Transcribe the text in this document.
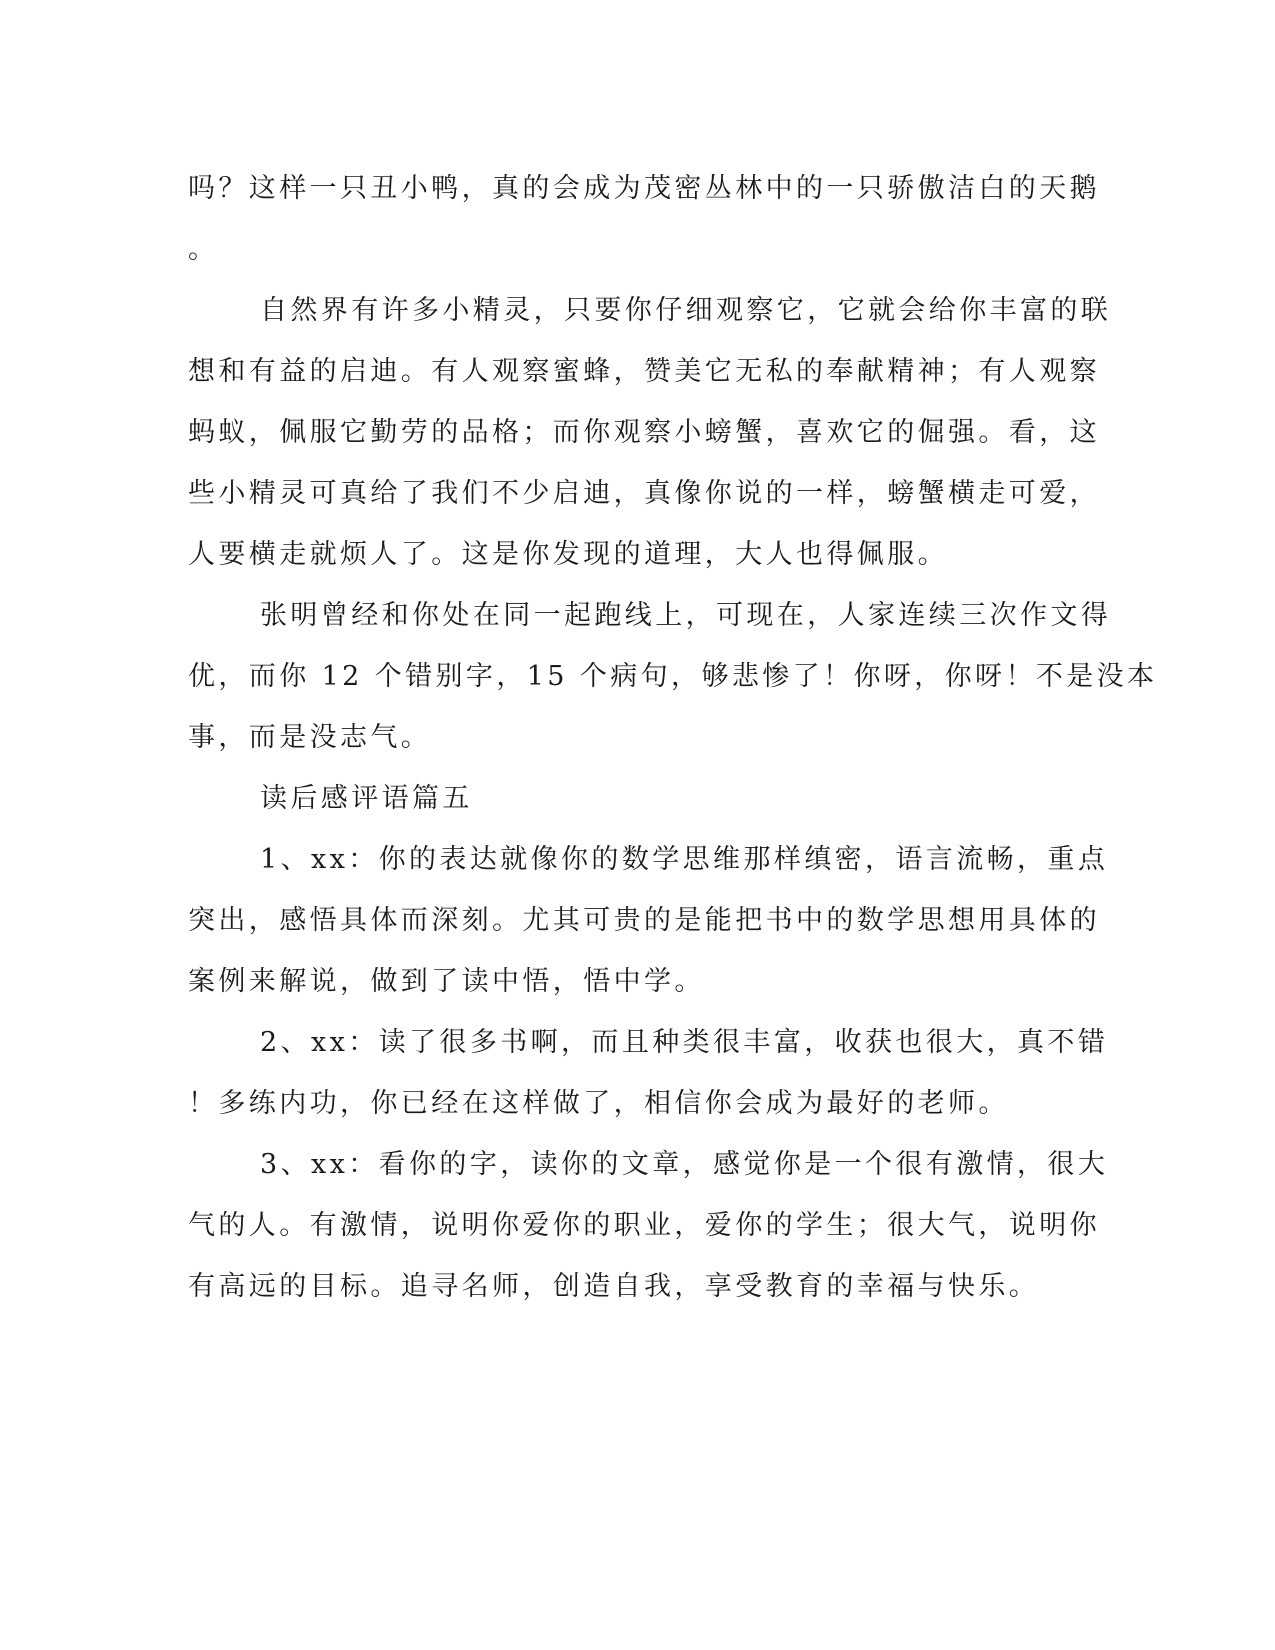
吗？这样一只丑小鸭，真的会成为茂密丛林中的一只骄傲洁白的天鹅
。
自然界有许多小精灵，只要你仔细观察它，它就会给你丰富的联
想和有益的启迪。有人观察蜜蜂，赞美它无私的奉献精神；有人观察
蚂蚁，佩服它勤劳的品格；而你观察小螃蟹，喜欢它的倔强。看，这
些小精灵可真给了我们不少启迪，真像你说的一样，螃蟹横走可爱，
人要横走就烦人了。这是你发现的道理，大人也得佩服。
张明曾经和你处在同一起跑线上，可现在，人家连续三次作文得
优，而你 12 个错别字，15 个病句，够悲惨了！你呀，你呀！不是没本
事，而是没志气。
读后感评语篇五
1、xx：你的表达就像你的数学思维那样缜密，语言流畅，重点
突出，感悟具体而深刻。尤其可贵的是能把书中的数学思想用具体的
案例来解说，做到了读中悟，悟中学。
2、xx：读了很多书啊，而且种类很丰富，收获也很大，真不错
！多练内功，你已经在这样做了，相信你会成为最好的老师。
3、xx：看你的字，读你的文章，感觉你是一个很有激情，很大
气的人。有激情，说明你爱你的职业，爱你的学生；很大气，说明你
有高远的目标。追寻名师，创造自我，享受教育的幸福与快乐。
